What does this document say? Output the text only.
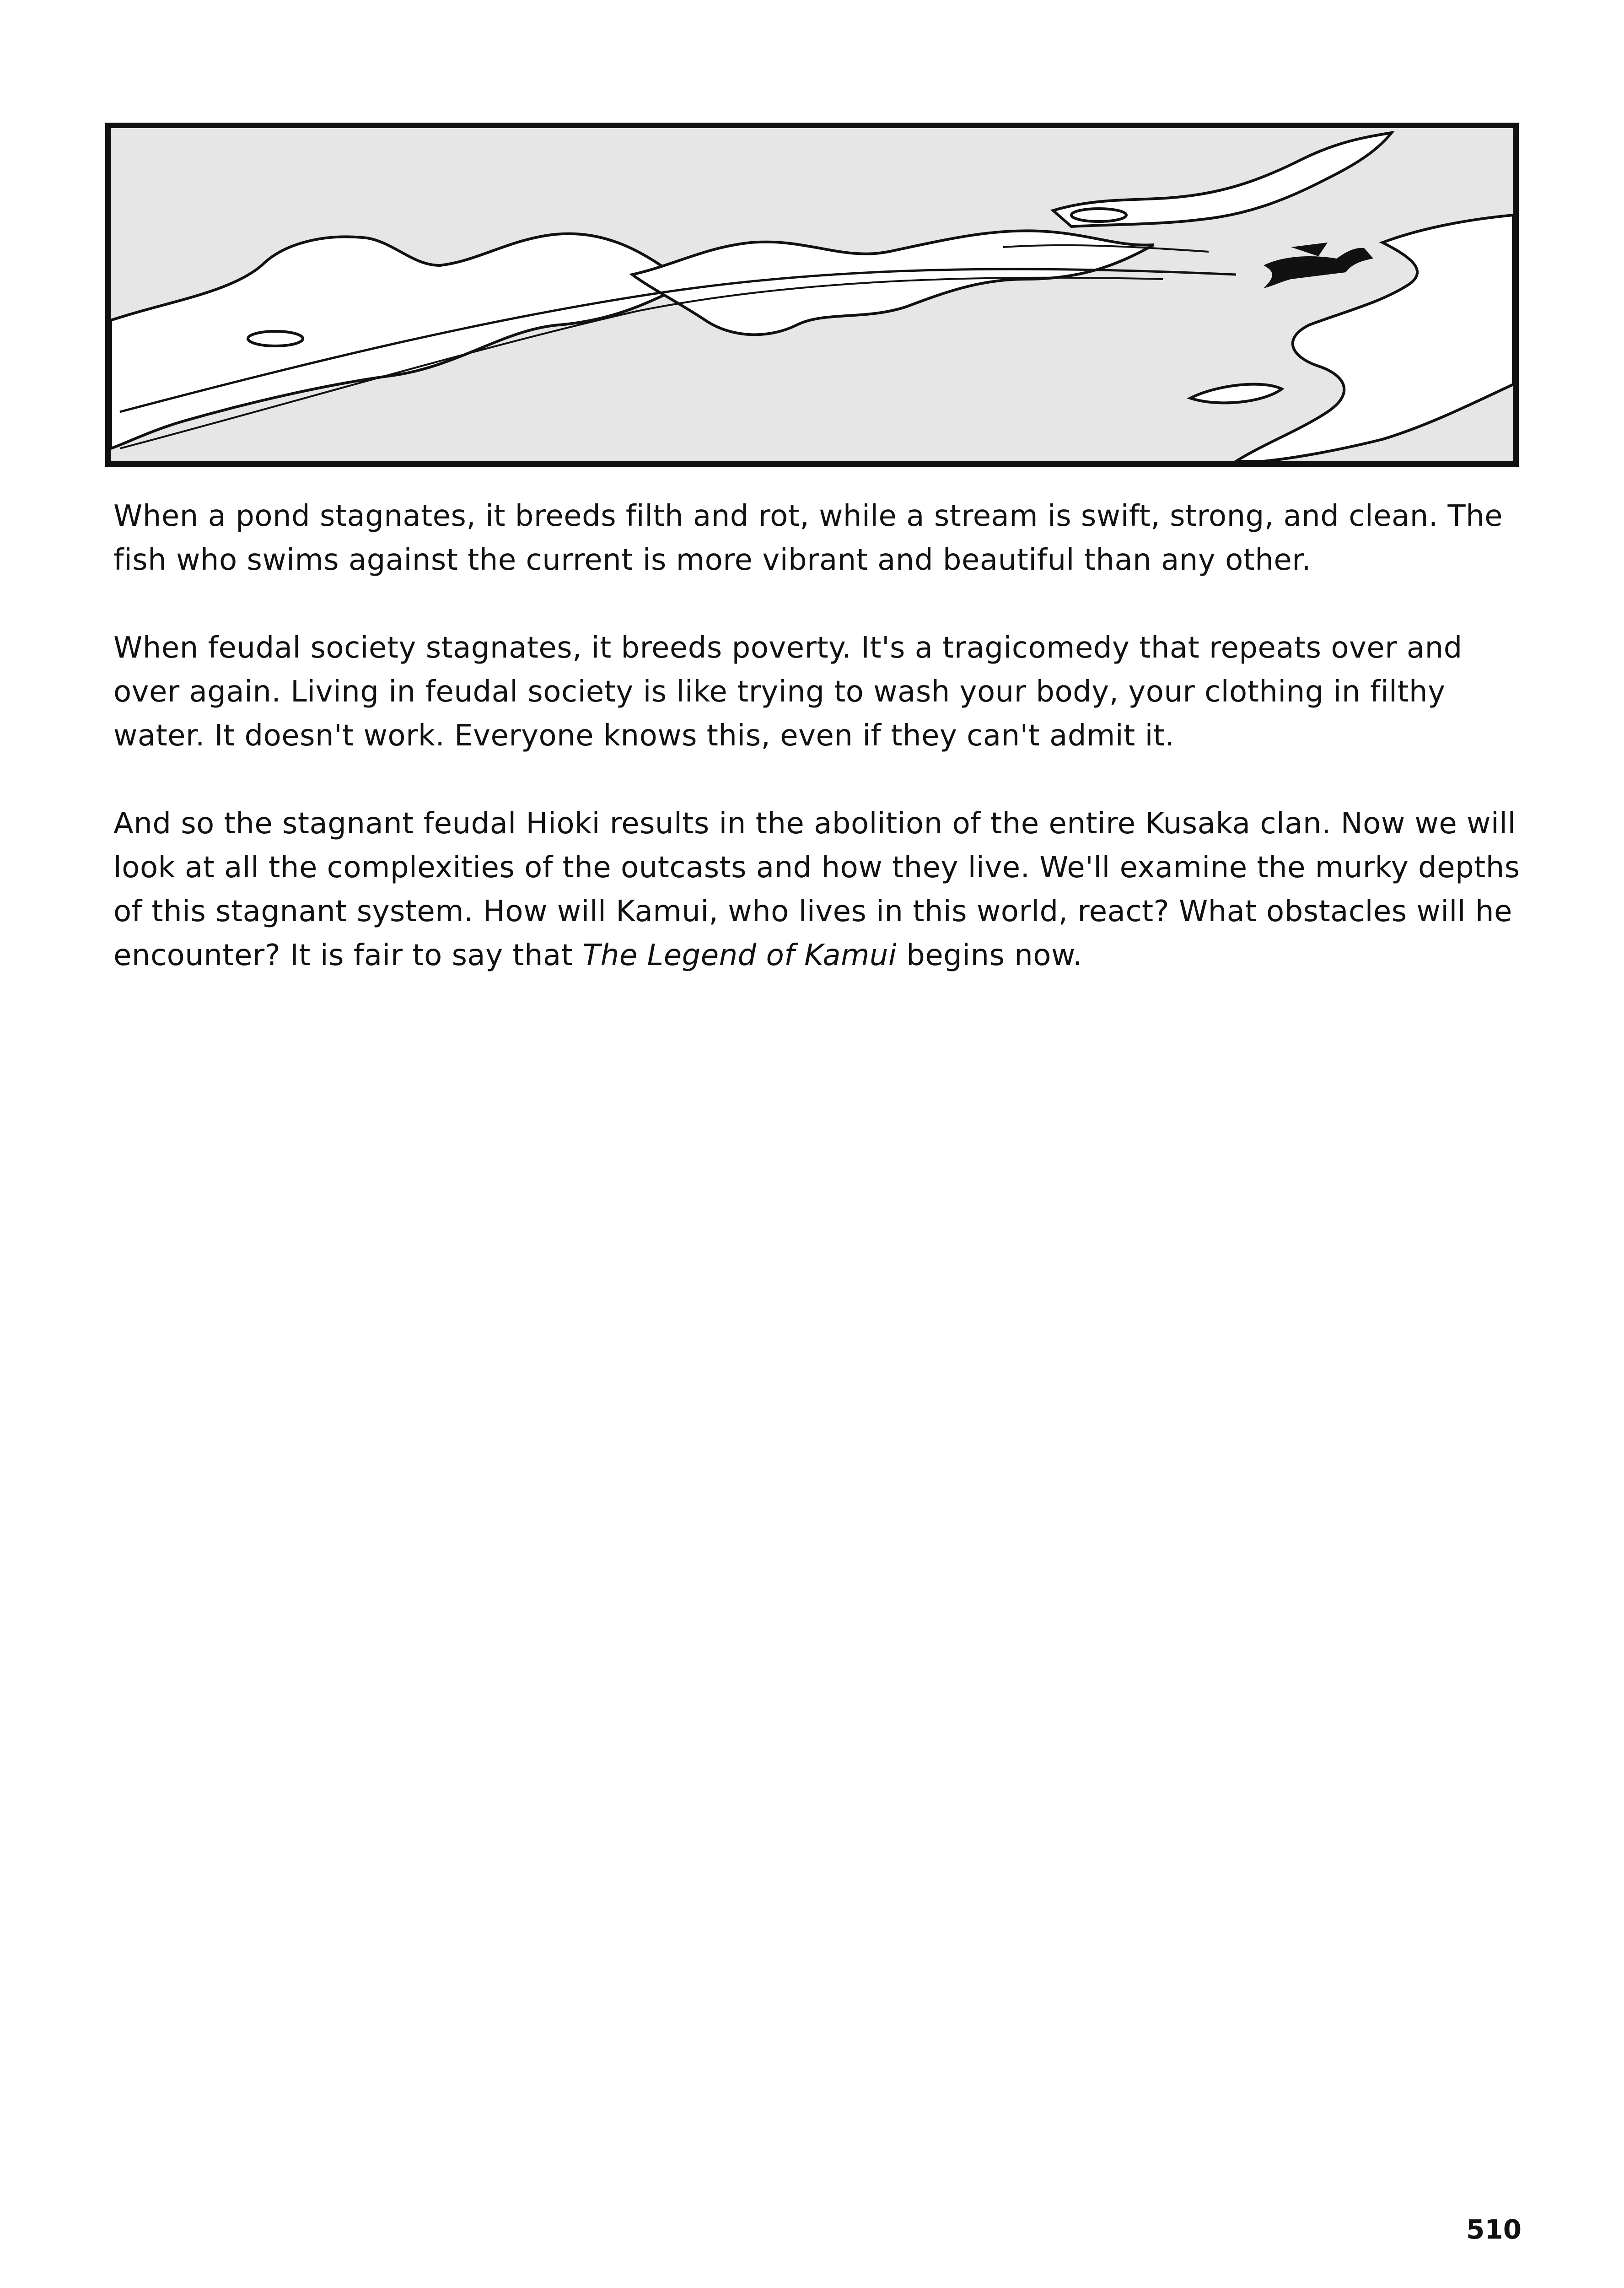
When a pond stagnates, it breeds filth and rot, while a stream is swift, strong, and clean. The fish who swims against the current is more vibrant and beautiful than any other.

When feudal society stagnates, it breeds poverty. It's a tragicomedy that repeats over and over again. Living in feudal society is like trying to wash your body, your clothing in filthy water. It doesn't work. Everyone knows this, even if they can't admit it.

And so the stagnant feudal Hioki results in the abolition of the entire Kusaka clan. Now we will look at all the complexities of the outcasts and how they live. We'll examine the murky depths of this stagnant system. How will Kamui, who lives in this world, react? What obstacles will he encounter? It is fair to say that The Legend of Kamui begins now.

510
